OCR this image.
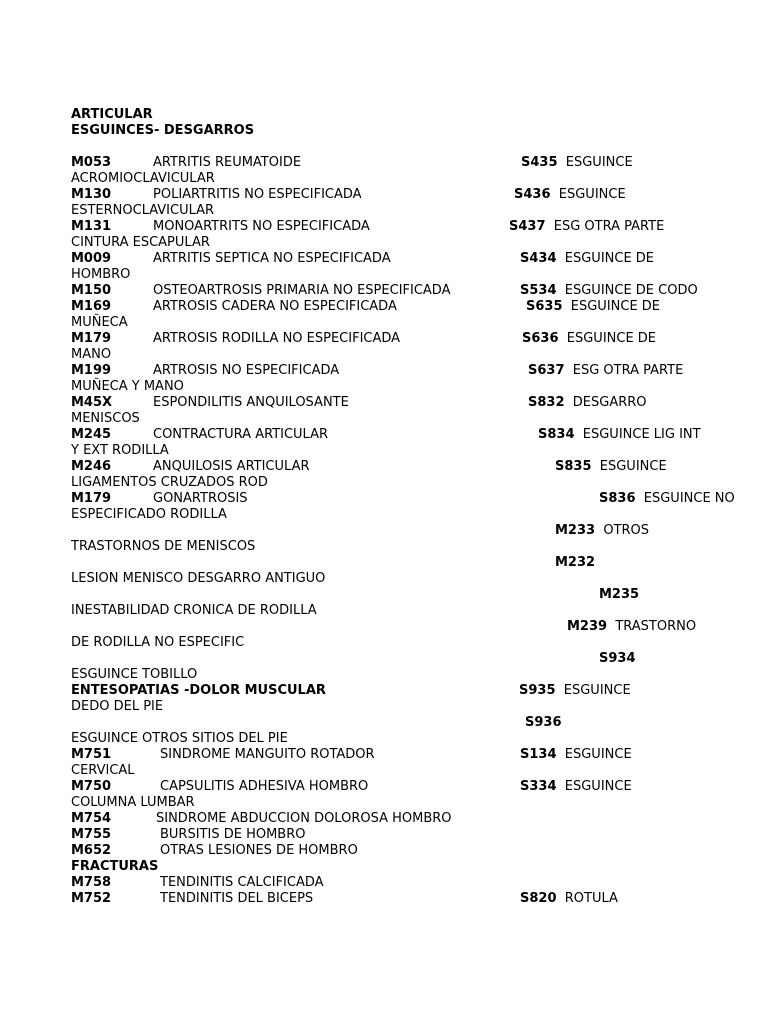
ARTICULAR
ESGUINCES- DESGARROS
M053	ARTRITIS REUMATOIDE	S435  ESGUINCE
ACROMIOCLAVICULAR
M130	POLIARTRITIS NO ESPECIFICADA	S436  ESGUINCE
ESTERNOCLAVICULAR
M131	MONOARTRITS NO ESPECIFICADA	S437  ESG OTRA PARTE
CINTURA ESCAPULAR
M009	ARTRITIS SEPTICA NO ESPECIFICADA	S434  ESGUINCE DE
HOMBRO
M150	OSTEOARTROSIS PRIMARIA NO ESPECIFICADA	S534  ESGUINCE DE CODO
M169	ARTROSIS CADERA NO ESPECIFICADA	S635  ESGUINCE DE
MUÑECA
M179	ARTROSIS RODILLA NO ESPECIFICADA	S636  ESGUINCE DE
MANO
M199	ARTROSIS NO ESPECIFICADA	S637  ESG OTRA PARTE
MUÑECA Y MANO
M45X	ESPONDILITIS ANQUILOSANTE	S832  DESGARRO
MENISCOS
M245	CONTRACTURA ARTICULAR	S834  ESGUINCE LIG INT
Y EXT RODILLA
M246	ANQUILOSIS ARTICULAR	S835  ESGUINCE
LIGAMENTOS CRUZADOS ROD
M179	GONARTROSIS	S836  ESGUINCE NO
ESPECIFICADO RODILLA
M233  OTROS
TRASTORNOS DE MENISCOS
M232
LESION MENISCO DESGARRO ANTIGUO
M235
INESTABILIDAD CRONICA DE RODILLA
M239  TRASTORNO
DE RODILLA NO ESPECIFIC
S934
ESGUINCE TOBILLO
ENTESOPATIAS -DOLOR MUSCULAR	S935  ESGUINCE
DEDO DEL PIE
S936
ESGUINCE OTROS SITIOS DEL PIE
M751	SINDROME MANGUITO ROTADOR	S134  ESGUINCE
CERVICAL
M750	CAPSULITIS ADHESIVA HOMBRO	S334  ESGUINCE
COLUMNA LUMBAR
M754	SINDROME ABDUCCION DOLOROSA HOMBRO
M755	BURSITIS DE HOMBRO
M652	OTRAS LESIONES DE HOMBRO
FRACTURAS
M758	TENDINITIS CALCIFICADA
M752	TENDINITIS DEL BICEPS	S820  ROTULA
